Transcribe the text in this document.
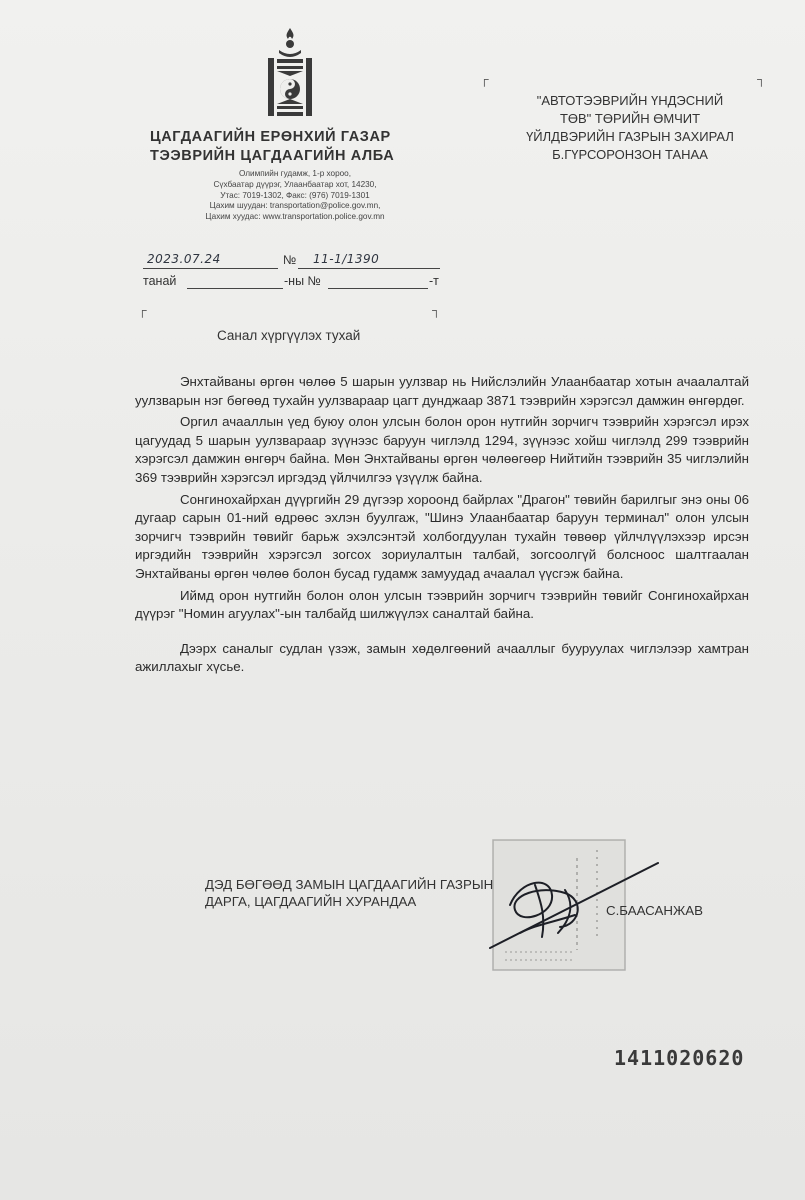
ЦАГДААГИЙН ЕРӨНХИЙ ГАЗАР
ТЭЭВРИЙН ЦАГДААГИЙН АЛБА
Олимпийн гудамж, 1-р хороо,
Сүхбаатар дүүрэг, Улаанбаатар хот, 14230,
Утас: 7019-1302, Факс: (976) 7019-1301
Цахим шуудан: transportation@police.gov.mn,
Цахим хуудас: www.transportation.police.gov.mn
┌	┐
┌	┐
"АВТОТЭЭВРИЙН ҮНДЭСНИЙ
ТӨВ" ТӨРИЙН ӨМЧИТ
ҮЙЛДВЭРИЙН ГАЗРЫН ЗАХИРАЛ
Б.ГҮРСОРОНЗОН ТАНАА
2023.07.24	№ 11-1/1390
танай	-ны №	-т
Санал хүргүүлэх тухай

Энхтайваны өргөн чөлөө 5 шарын уулзвар нь Нийслэлийн Улаанбаатар хотын ачаалалтай уулзварын нэг бөгөөд тухайн уулзвараар цагт дунджаар 3871 тээврийн хэрэгсэл дамжин өнгөрдөг.

Оргил ачааллын үед буюу олон улсын болон орон нутгийн зорчигч тээврийн хэрэгсэл ирэх цагуудад 5 шарын уулзвараар зүүнээс баруун чиглэлд 1294, зүүнээс хойш чиглэлд 299 тээврийн хэрэгсэл дамжин өнгөрч байна. Мөн Энхтайваны өргөн чөлөөгөөр Нийтийн тээврийн 35 чиглэлийн 369 тээврийн хэрэгсэл иргэдэд үйлчилгээ үзүүлж байна.

Сонгинохайрхан дүүргийн 29 дүгээр хороонд байрлах "Драгон" төвийн барилгыг энэ оны 06 дугаар сарын 01-ний өдрөөс эхлэн буулгаж, "Шинэ Улаанбаатар баруун терминал" олон улсын зорчигч тээврийн төвийг барьж эхэлсэнтэй холбогдуулан тухайн төвөөр үйлчлүүлэхээр ирсэн иргэдийн тээврийн хэрэгсэл зогсох зориулалтын талбай, зогсоолгүй болсноос шалтгаалан Энхтайваны өргөн чөлөө болон бусад гудамж замуудад ачаалал үүсгэж байна.

Иймд орон нутгийн болон олон улсын тээврийн зорчигч тээврийн төвийг Сонгинохайрхан дүүрэг "Номин агуулах"-ын талбайд шилжүүлэх саналтай байна.

Дээрх саналыг судлан үзэж, замын хөдөлгөөний ачааллыг бууруулах чиглэлээр хамтран ажиллахыг хүсье.

ДЭД БӨГӨӨД ЗАМЫН ЦАГДААГИЙН ГАЗРЫН
ДАРГА, ЦАГДААГИЙН ХУРАНДАА
С.БААСАНЖАВ
1411020620
